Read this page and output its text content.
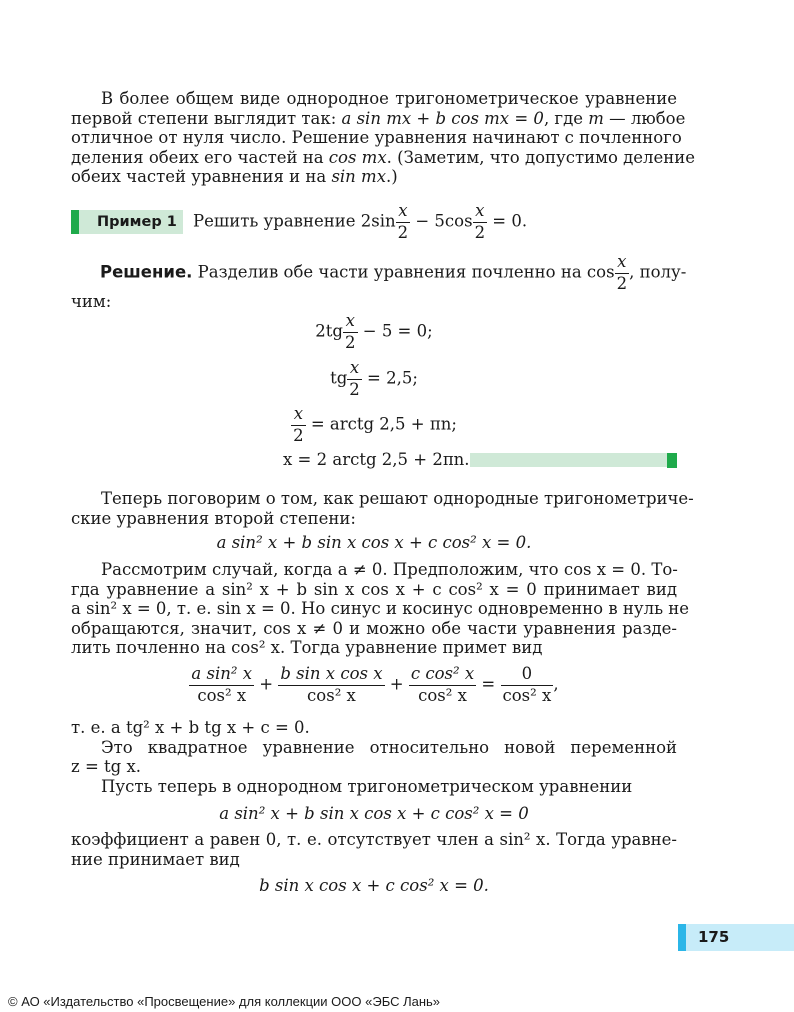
В более общем виде однородное тригонометрическое уравнение
первой степени выглядит так: a sin mx + b cos mx = 0, где m — любое
отличное от нуля число. Решение уравнения начинают с почленного
деления обеих его частей на cos mx. (Заметим, что допустимо деление
обеих частей уравнения и на sin mx.)
Пример 1 Решить уравнение $2\sin \frac{x}{2} - 5\cos \frac{x}{2} = 0$.
Решение. Разделив обе части уравнения почленно на $\cos \frac{x}{2}$ , полу-
чим:
$2tg \frac{x}{2} - 5 = 0$;
tg $\frac{x}{2} = 2,5$;
$\frac{x}{2}$ = arctg 2,5 + πn;
x = 2 arctg 2,5 + 2πn.
Теперь поговорим о том, как решают однородные тригонометриче-
ские уравнения второй степени:
a sin² x + b sin x cos x + c cos² x = 0.
Рассмотрим случай, когда a ≠ 0. Предположим, что cos x = 0. То-
гда уравнение a sin² x + b sin x cos x + c cos² x = 0 принимает вид
a sin² x = 0, т. е. sin x = 0. Но синус и косинус одновременно в нуль не
обращаются, значит, cos x ≠ 0 и можно обе части уравнения разде-
лить почленно на cos² x. Тогда уравнение примет вид
$\frac{\text{a sin² x}}{\text{cos² x}} + \frac{\text{b sin x cos x}}{\text{cos² x}} + \frac{\text{c cos² x}}{\text{cos² x}} = \frac{0}{\text{cos² x}}$ ,
т. е. a tg² x + b tg x + c = 0.
Это квадратное уравнение относительно новой переменной
z = tg x.
Пусть теперь в однородном тригонометрическом уравнении
a sin² x + b sin x cos x + c cos² x = 0
коэффициент a равен 0, т. е. отсутствует член a sin² x. Тогда уравне-
ние принимает вид
b sin x cos x + c cos² x = 0.
175
© АО «Издательство «Просвещение» для коллекции ООО «ЭБС Лань»
